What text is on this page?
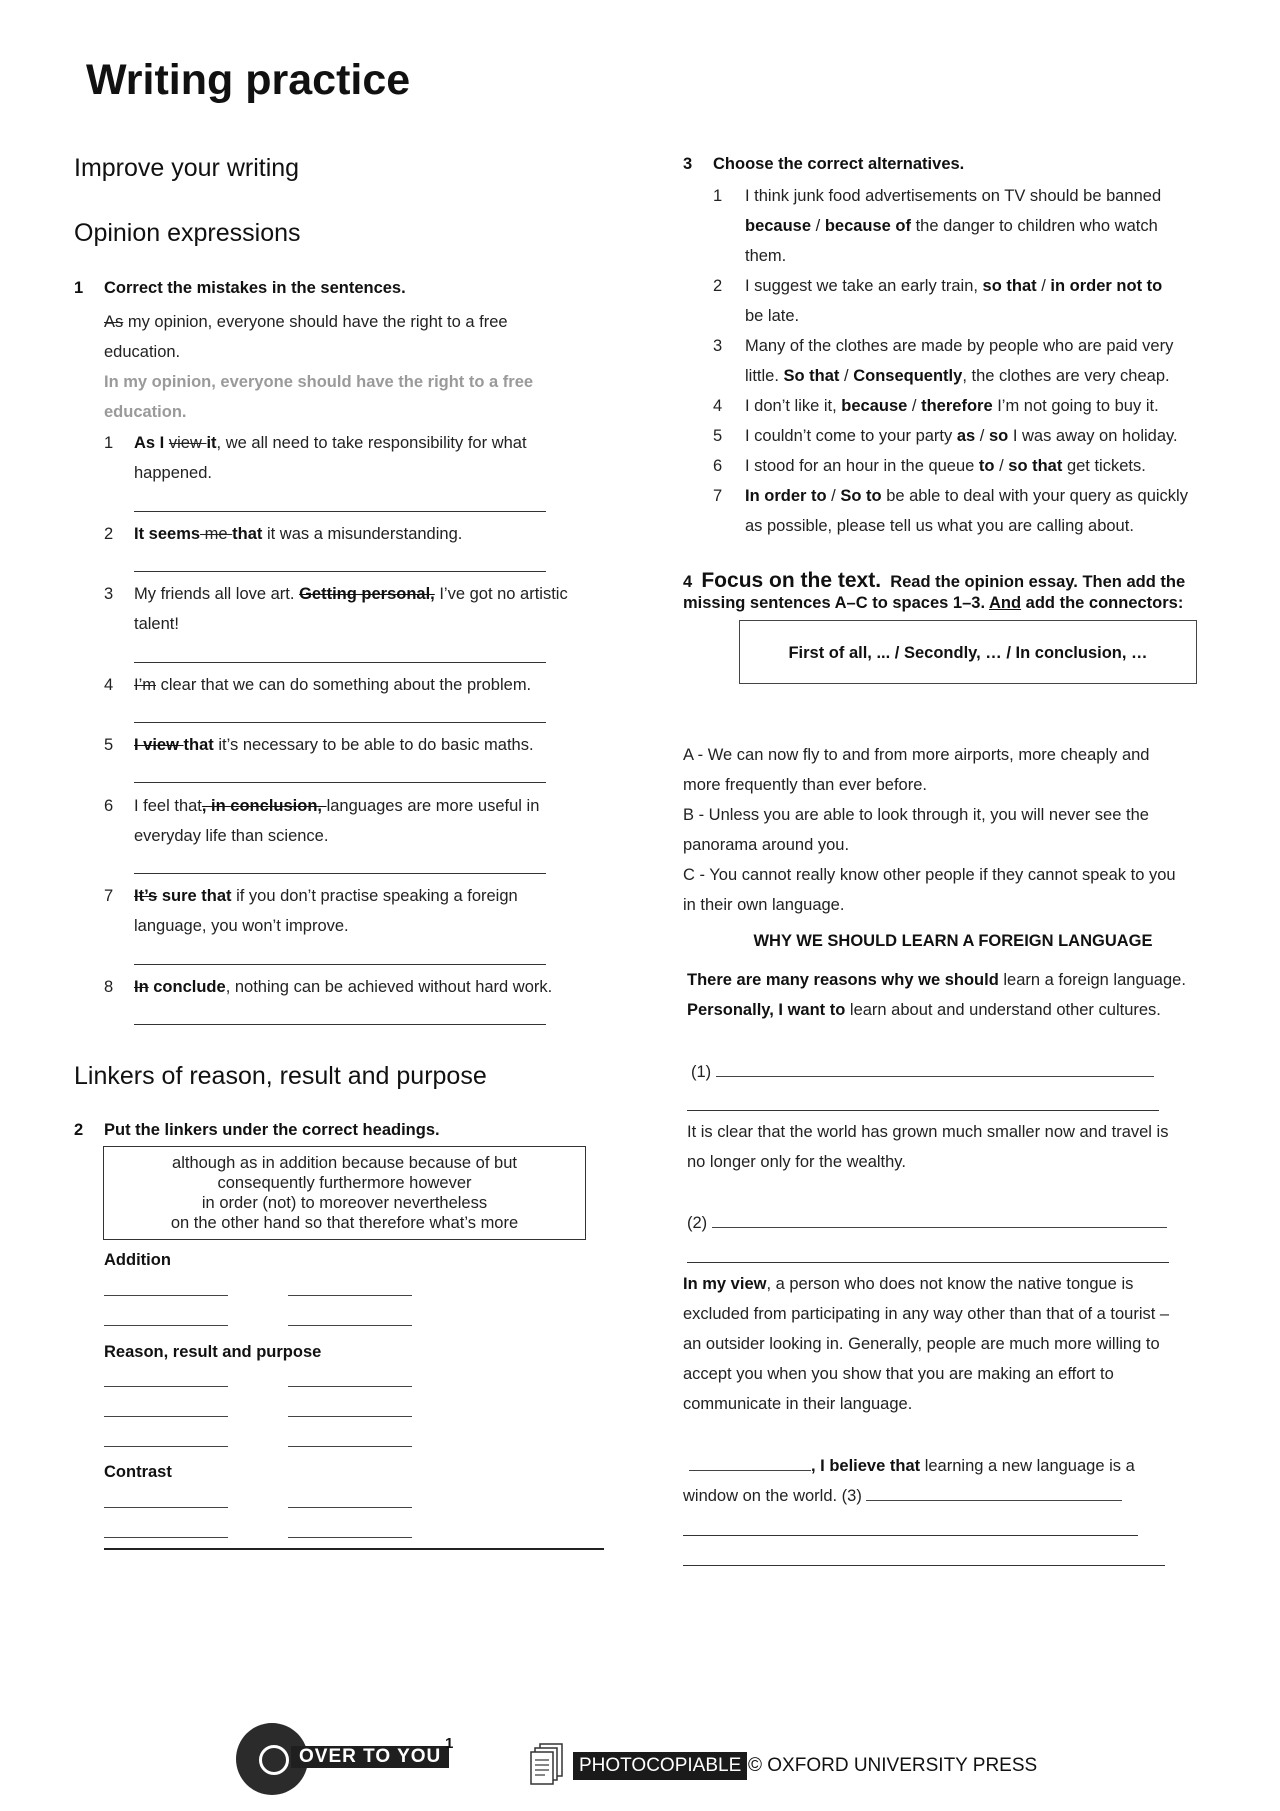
Writing practice
Improve your writing
Opinion expressions
1 Correct the mistakes in the sentences.
As my opinion, everyone should have the right to a free
education.
In my opinion, everyone should have the right to a free
education.
1 As I view it, we all need to take responsibility for what
happened.
2 It seems me that it was a misunderstanding.
3 My friends all love art. Getting personal, I’ve got no artistic
talent!
4 I’m clear that we can do something about the problem.
5 I view that it’s necessary to be able to do basic maths.
6 I feel that, in conclusion, languages are more useful in
everyday life than science.
7 It’s sure that if you don’t practise speaking a foreign
language, you won’t improve.
8 In conclude, nothing can be achieved without hard work.
Linkers of reason, result and purpose
2 Put the linkers under the correct headings.
although as in addition because because of but
consequently furthermore however
in order (not) to moreover nevertheless
on the other hand so that therefore what’s more
Addition
Reason, result and purpose
Contrast
3 Choose the correct alternatives.
1 I think junk food advertisements on TV should be banned
because / because of the danger to children who watch
them.
2 I suggest we take an early train, so that / in order not to
be late.
3 Many of the clothes are made by people who are paid very
little. So that / Consequently, the clothes are very cheap.
4 I don’t like it, because / therefore I’m not going to buy it.
5 I couldn’t come to your party as / so I was away on holiday.
6 I stood for an hour in the queue to / so that get tickets.
7 In order to / So to be able to deal with your query as quickly
as possible, please tell us what you are calling about.
4 Focus on the text. Read the opinion essay. Then add the
missing sentences A–C to spaces 1–3. And add the connectors:
First of all, ... / Secondly, … / In conclusion, …
A - We can now fly to and from more airports, more cheaply and
more frequently than ever before.
B - Unless you are able to look through it, you will never see the
panorama around you.
C - You cannot really know other people if they cannot speak to you
in their own language.
WHY WE SHOULD LEARN A FOREIGN LANGUAGE
There are many reasons why we should learn a foreign language.
Personally, I want to learn about and understand other cultures.
(1)
It is clear that the world has grown much smaller now and travel is
no longer only for the wealthy.
(2)
In my view, a person who does not know the native tongue is
excluded from participating in any way other than that of a tourist –
an outsider looking in. Generally, people are much more willing to
accept you when you show that you are making an effort to
communicate in their language.
, I believe that learning a new language is a
window on the world. (3)
OVER TO YOU
1
PHOTOCOPIABLE © OXFORD UNIVERSITY PRESS
